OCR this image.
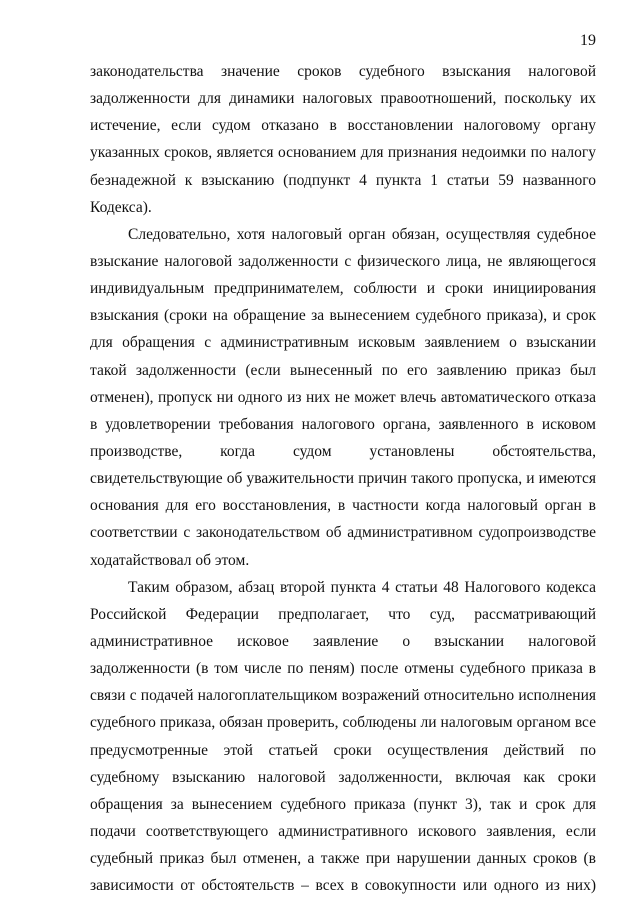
19
законодательства значение сроков судебного взыскания налоговой
задолженности для динамики налоговых правоотношений, поскольку их
истечение, если судом отказано в восстановлении налоговому органу
указанных сроков, является основанием для признания недоимки по налогу
безнадежной к взысканию (подпункт 4 пункта 1 статьи 59 названного
Кодекса).
Следовательно, хотя налоговый орган обязан, осуществляя судебное
взыскание налоговой задолженности с физического лица, не являющегося
индивидуальным предпринимателем, соблюсти и сроки инициирования
взыскания (сроки на обращение за вынесением судебного приказа), и срок
для обращения с административным исковым заявлением о взыскании
такой задолженности (если вынесенный по его заявлению приказ был
отменен), пропуск ни одного из них не может влечь автоматического отказа
в удовлетворении требования налогового органа, заявленного в исковом
производстве, когда судом установлены обстоятельства,
свидетельствующие об уважительности причин такого пропуска, и имеются
основания для его восстановления, в частности когда налоговый орган в
соответствии с законодательством об административном судопроизводстве
ходатайствовал об этом.
Таким образом, абзац второй пункта 4 статьи 48 Налогового кодекса
Российской Федерации предполагает, что суд, рассматривающий
административное исковое заявление о взыскании налоговой
задолженности (в том числе по пеням) после отмены судебного приказа в
связи с подачей налогоплательщиком возражений относительно исполнения
судебного приказа, обязан проверить, соблюдены ли налоговым органом все
предусмотренные этой статьей сроки осуществления действий по
судебному взысканию налоговой задолженности, включая как сроки
обращения за вынесением судебного приказа (пункт 3), так и срок для
подачи соответствующего административного искового заявления, если
судебный приказ был отменен, а также при нарушении данных сроков (в
зависимости от обстоятельств – всех в совокупности или одного из них)
